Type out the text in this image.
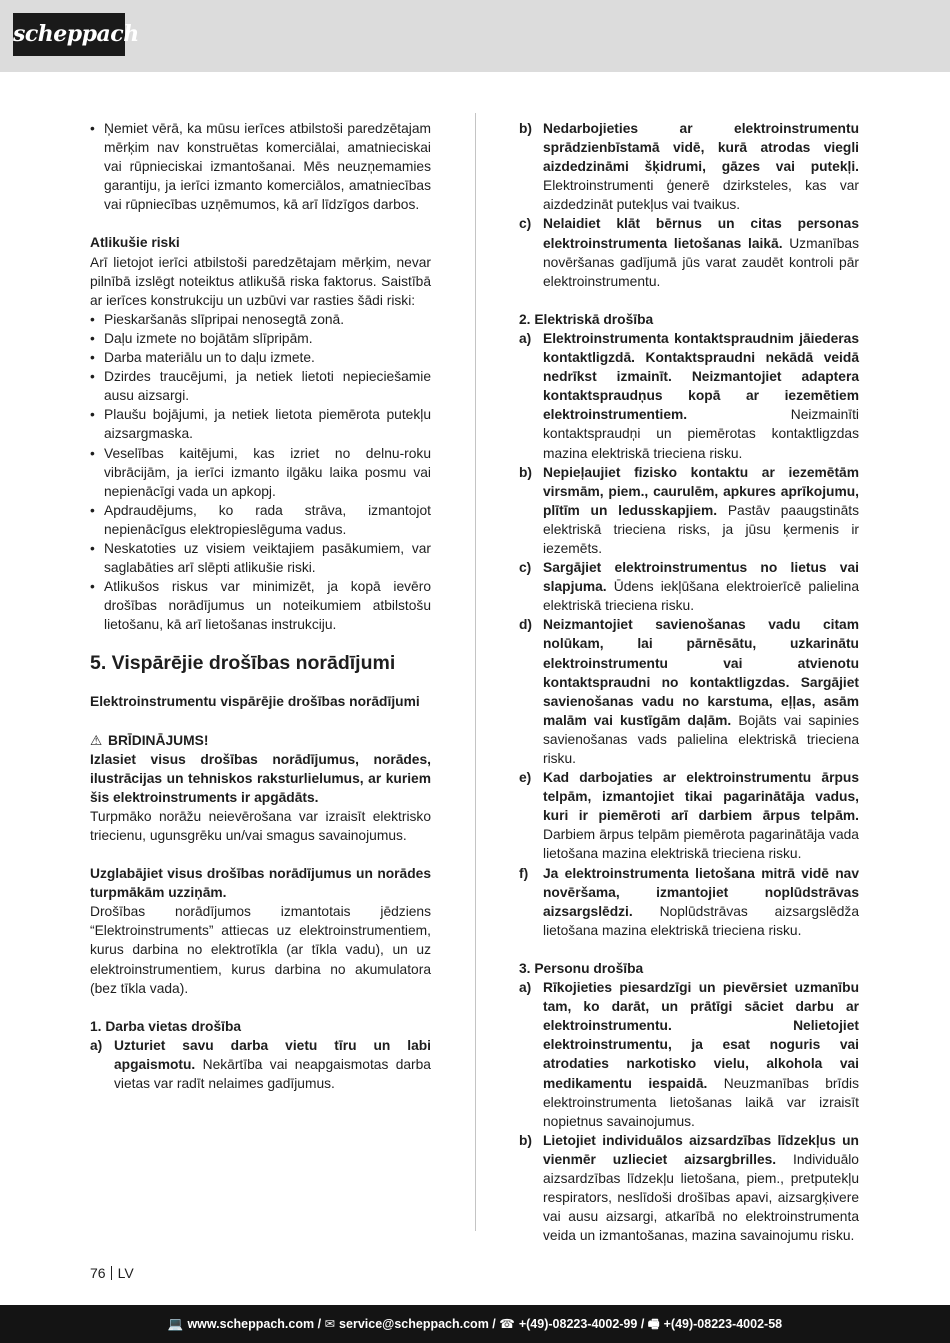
scheppach
• Ņemiet vērā, ka mūsu ierīces atbilstoši paredzētajam mērķim nav konstruētas komerciālai, amatnieciskai vai rūpnieciskai izmantošanai. Mēs neuzņemamies garantiju, ja ierīci izmanto komerciālos, amatniecības vai rūpniecības uzņēmumos, kā arī līdzīgos darbos.
Atlikušie riski
Arī lietojot ierīci atbilstoši paredzētajam mērķim, nevar pilnībā izslēgt noteiktus atlikušā riska faktorus. Saistībā ar ierīces konstrukciju un uzbūvi var rasties šādi riski:
• Pieskaršanās slīpripai nenosegtā zonā.
• Daļu izmete no bojātām slīpripām.
• Darba materiālu un to daļu izmete.
• Dzirdes traucējumi, ja netiek lietoti nepieciešamie ausu aizsargi.
• Plaušu bojājumi, ja netiek lietota piemērota putekļu aizsargmaska.
• Veselības kaitējumi, kas izriet no delnu-roku vibrācijām, ja ierīci izmanto ilgāku laika posmu vai nepienācīgi vada un apkopj.
• Apdraudējums, ko rada strāva, izmantojot nepienācīgus elektropieslēguma vadus.
• Neskatoties uz visiem veiktajiem pasākumiem, var saglabāties arī slēpti atlikušie riski.
• Atlikušos riskus var minimizēt, ja kopā ievēro drošības norādījumus un noteikumiem atbilstošu lietošanu, kā arī lietošanas instrukciju.
5. Vispārējie drošības norādījumi
Elektroinstrumentu vispārējie drošības norādījumi
⚠ BRĪDINĀJUMS!
Izlasiet visus drošības norādījumus, norādes, ilustrācijas un tehniskos raksturlielumus, ar kuriem šis elektroinstruments ir apgādāts.
Turpmāko norāžu neievērošana var izraisīt elektrisko triecienu, ugunsgrēku un/vai smagus savainojumus.
Uzglabājiet visus drošības norādījumus un norādes turpmākām uzziņām.
Drošības norādījumos izmantotais jēdziens “Elektroinstruments” attiecas uz elektroinstrumentiem, kurus darbina no elektrotīkla (ar tīkla vadu), un uz elektroinstrumentiem, kurus darbina no akumulatora (bez tīkla vada).
1. Darba vietas drošība
a) Uzturiet savu darba vietu tīru un labi apgaismotu. Nekārtība vai neapgaismotas darba vietas var radīt nelaimes gadījumus.
b) Nedarbojieties ar elektroinstrumentu sprādzienbīstamā vidē, kurā atrodas viegli aizdedzināmi šķidrumi, gāzes vai putekļi. Elektroinstrumenti ģenerē dzirksteles, kas var aizdedzināt putekļus vai tvaikus.
c) Nelaidiet klāt bērnus un citas personas elektroinstrumenta lietošanas laikā. Uzmanības novēršanas gadījumā jūs varat zaudēt kontroli pār elektroinstrumentu.
2. Elektriskā drošība
a) Elektroinstrumenta kontaktspraudnim jāiederas kontaktligzdā. Kontaktspraudni nekādā veidā nedrīkst izmainīt. Neizmantojiet adaptera kontaktspraudņus kopā ar iezemētiem elektroinstrumentiem.	Neizmainīti kontaktspraudņi un piemērotas kontaktligzdas mazina elektriskā trieciena risku.
b) Nepieļaujiet fizisko kontaktu ar iezemētām virsmām, piem., caurulēm, apkures aprīkojumu, plītīm un ledusskapjiem. Pastāv paaugstināts elektriskā trieciena risks, ja jūsu ķermenis ir iezemēts.
c) Sargājiet elektroinstrumentus no lietus vai slapjuma. Ūdens iekļūšana elektroierīcē palielina elektriskā trieciena risku.
d) Neizmantojiet savienošanas vadu citam nolūkam, lai pārnēsātu, uzkarinātu elektroinstrumentu vai atvienotu kontaktspraudni no kontaktligzdas. Sargājiet savienošanas vadu no karstuma, eļļas, asām malām vai kustīgām daļām. Bojāts vai sapinies savienošanas vads palielina elektriskā trieciena risku.
e) Kad darbojaties ar elektroinstrumentu ārpus telpām, izmantojiet tikai pagarinātāja vadus, kuri ir piemēroti arī darbiem ārpus telpām. Darbiem ārpus telpām piemērota pagarinātāja vada lietošana mazina elektriskā trieciena risku.
f) Ja elektroinstrumenta lietošana mitrā vidē nav novēršama, izmantojiet noplūdstrāvas aizsargslēdzi. Noplūdstrāvas aizsargslēdža lietošana mazina elektriskā trieciena risku.
3. Personu drošība
a) Rīkojieties piesardzīgi un pievērsiet uzmanību tam, ko darāt, un prātīgi sāciet darbu ar elektroinstrumentu. Nelietojiet elektroinstrumentu, ja esat noguris vai atrodaties narkotisko vielu, alkohola vai medikamentu iespaidā. Neuzmanības brīdis elektroinstrumenta lietošanas laikā var izraisīt nopietnus savainojumus.
b) Lietojiet individuālos aizsardzības līdzekļus un vienmēr uzlieciet aizsargbrilles. Individuālo aizsardzības līdzekļu lietošana, piem., pretputekļu respirators, neslīdoši drošības apavi, aizsargķivere vai ausu aizsargi, atkarībā no elektroinstrumenta veida un izmantošanas, mazina savainojumu risku.
76 LV
💻 www.scheppach.com / ✉ service@scheppach.com / ☎ +(49)-08223-4002-99 / 🖷 +(49)-08223-4002-58
